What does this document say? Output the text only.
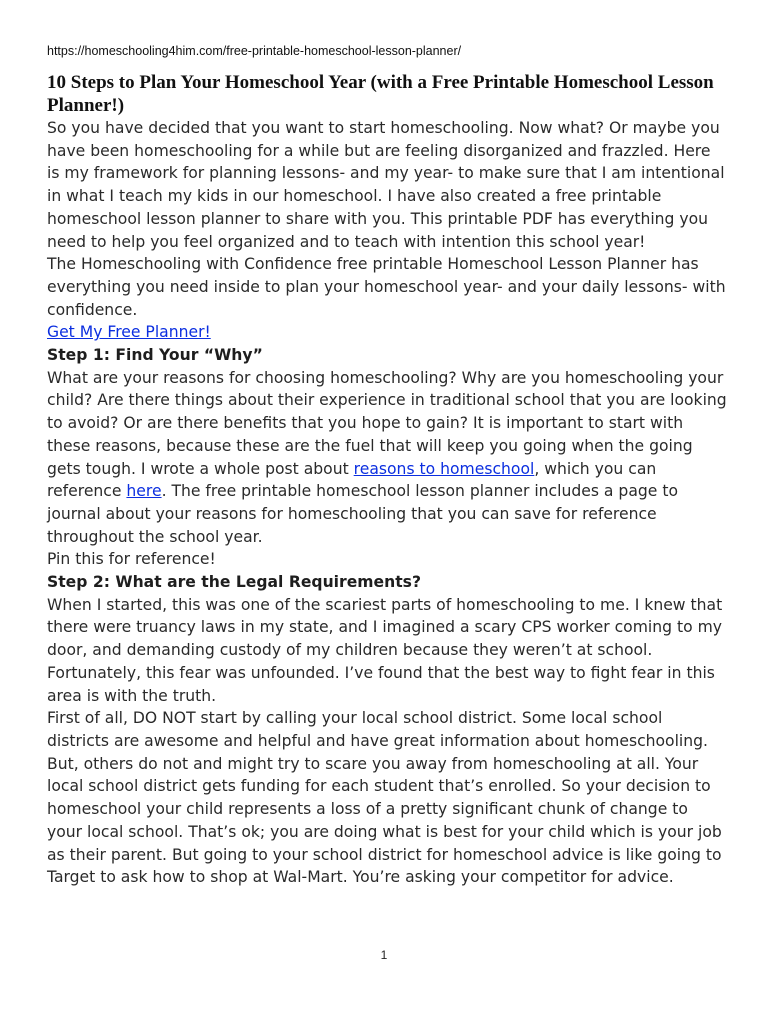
https://homeschooling4him.com/free-printable-homeschool-lesson-planner/
10 Steps to Plan Your Homeschool Year (with a Free Printable Homeschool Lesson Planner!)

So you have decided that you want to start homeschooling. Now what? Or maybe you have been homeschooling for a while but are feeling disorganized and frazzled. Here is my framework for planning lessons- and my year- to make sure that I am intentional in what I teach my kids in our homeschool. I have also created a free printable homeschool lesson planner to share with you. This printable PDF has everything you need to help you feel organized and to teach with intention this school year!

The Homeschooling with Confidence free printable Homeschool Lesson Planner has everything you need inside to plan your homeschool year- and your daily lessons- with confidence.

Get My Free Planner!

Step 1: Find Your “Why”

What are your reasons for choosing homeschooling? Why are you homeschooling your child? Are there things about their experience in traditional school that you are looking to avoid? Or are there benefits that you hope to gain? It is important to start with these reasons, because these are the fuel that will keep you going when the going gets tough. I wrote a whole post about reasons to homeschool, which you can reference here. The free printable homeschool lesson planner includes a page to journal about your reasons for homeschooling that you can save for reference throughout the school year.

Pin this for reference!

Step 2: What are the Legal Requirements?

When I started, this was one of the scariest parts of homeschooling to me. I knew that there were truancy laws in my state, and I imagined a scary CPS worker coming to my door, and demanding custody of my children because they weren’t at school. Fortunately, this fear was unfounded. I’ve found that the best way to fight fear in this area is with the truth.

First of all, DO NOT start by calling your local school district. Some local school districts are awesome and helpful and have great information about homeschooling. But, others do not and might try to scare you away from homeschooling at all. Your local school district gets funding for each student that’s enrolled. So your decision to homeschool your child represents a loss of a pretty significant chunk of change to your local school. That’s ok; you are doing what is best for your child which is your job as their parent. But going to your school district for homeschool advice is like going to Target to ask how to shop at Wal-Mart. You’re asking your competitor for advice.

1
